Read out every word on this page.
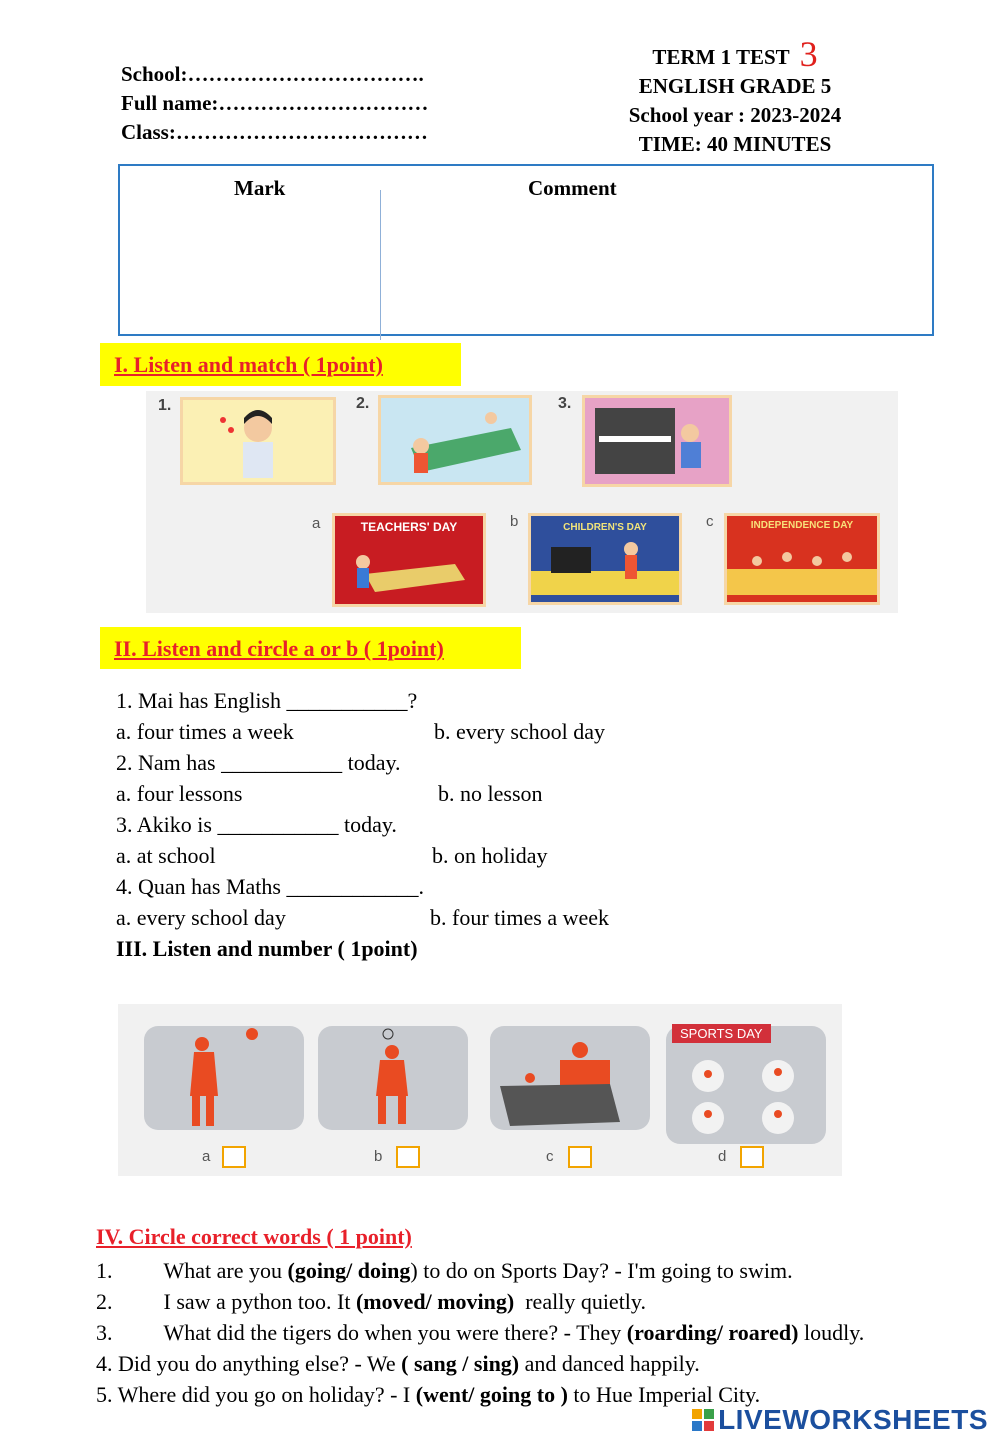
School:…………………………….
Full name:…………………………
Class:………………………………
TERM 1 TEST 3
ENGLISH GRADE 5
School year : 2023-2024
TIME: 40 MINUTES
Mark	Comment
I. Listen and match ( 1point)
1.	2.	3.
a	TEACHERS' DAY	b	CHILDREN'S DAY	c	INDEPENDENCE DAY
II. Listen and circle a or b ( 1point)
1. Mai has English ___________?
a. four times a week	b. every school day
2. Nam has ___________ today.
a. four lessons	b. no lesson
3. Akiko is ___________ today.
a. at school	b. on holiday
4. Quan has Maths ____________.
a. every school day	b. four times a week
III. Listen and number ( 1point)
SPORTS DAY
a	b	c	d
IV. Circle correct words ( 1 point)
1. What are you (going/ doing) to do on Sports Day? - I'm going to swim.
2. I saw a python too. It (moved/ moving)  really quietly.
3. What did the tigers do when you were there? - They (roarding/ roared) loudly.
4. Did you do anything else? - We ( sang / sing) and danced happily.
5. Where did you go on holiday? - I (went/ going to ) to Hue Imperial City.
LIVEWORKSHEETS
